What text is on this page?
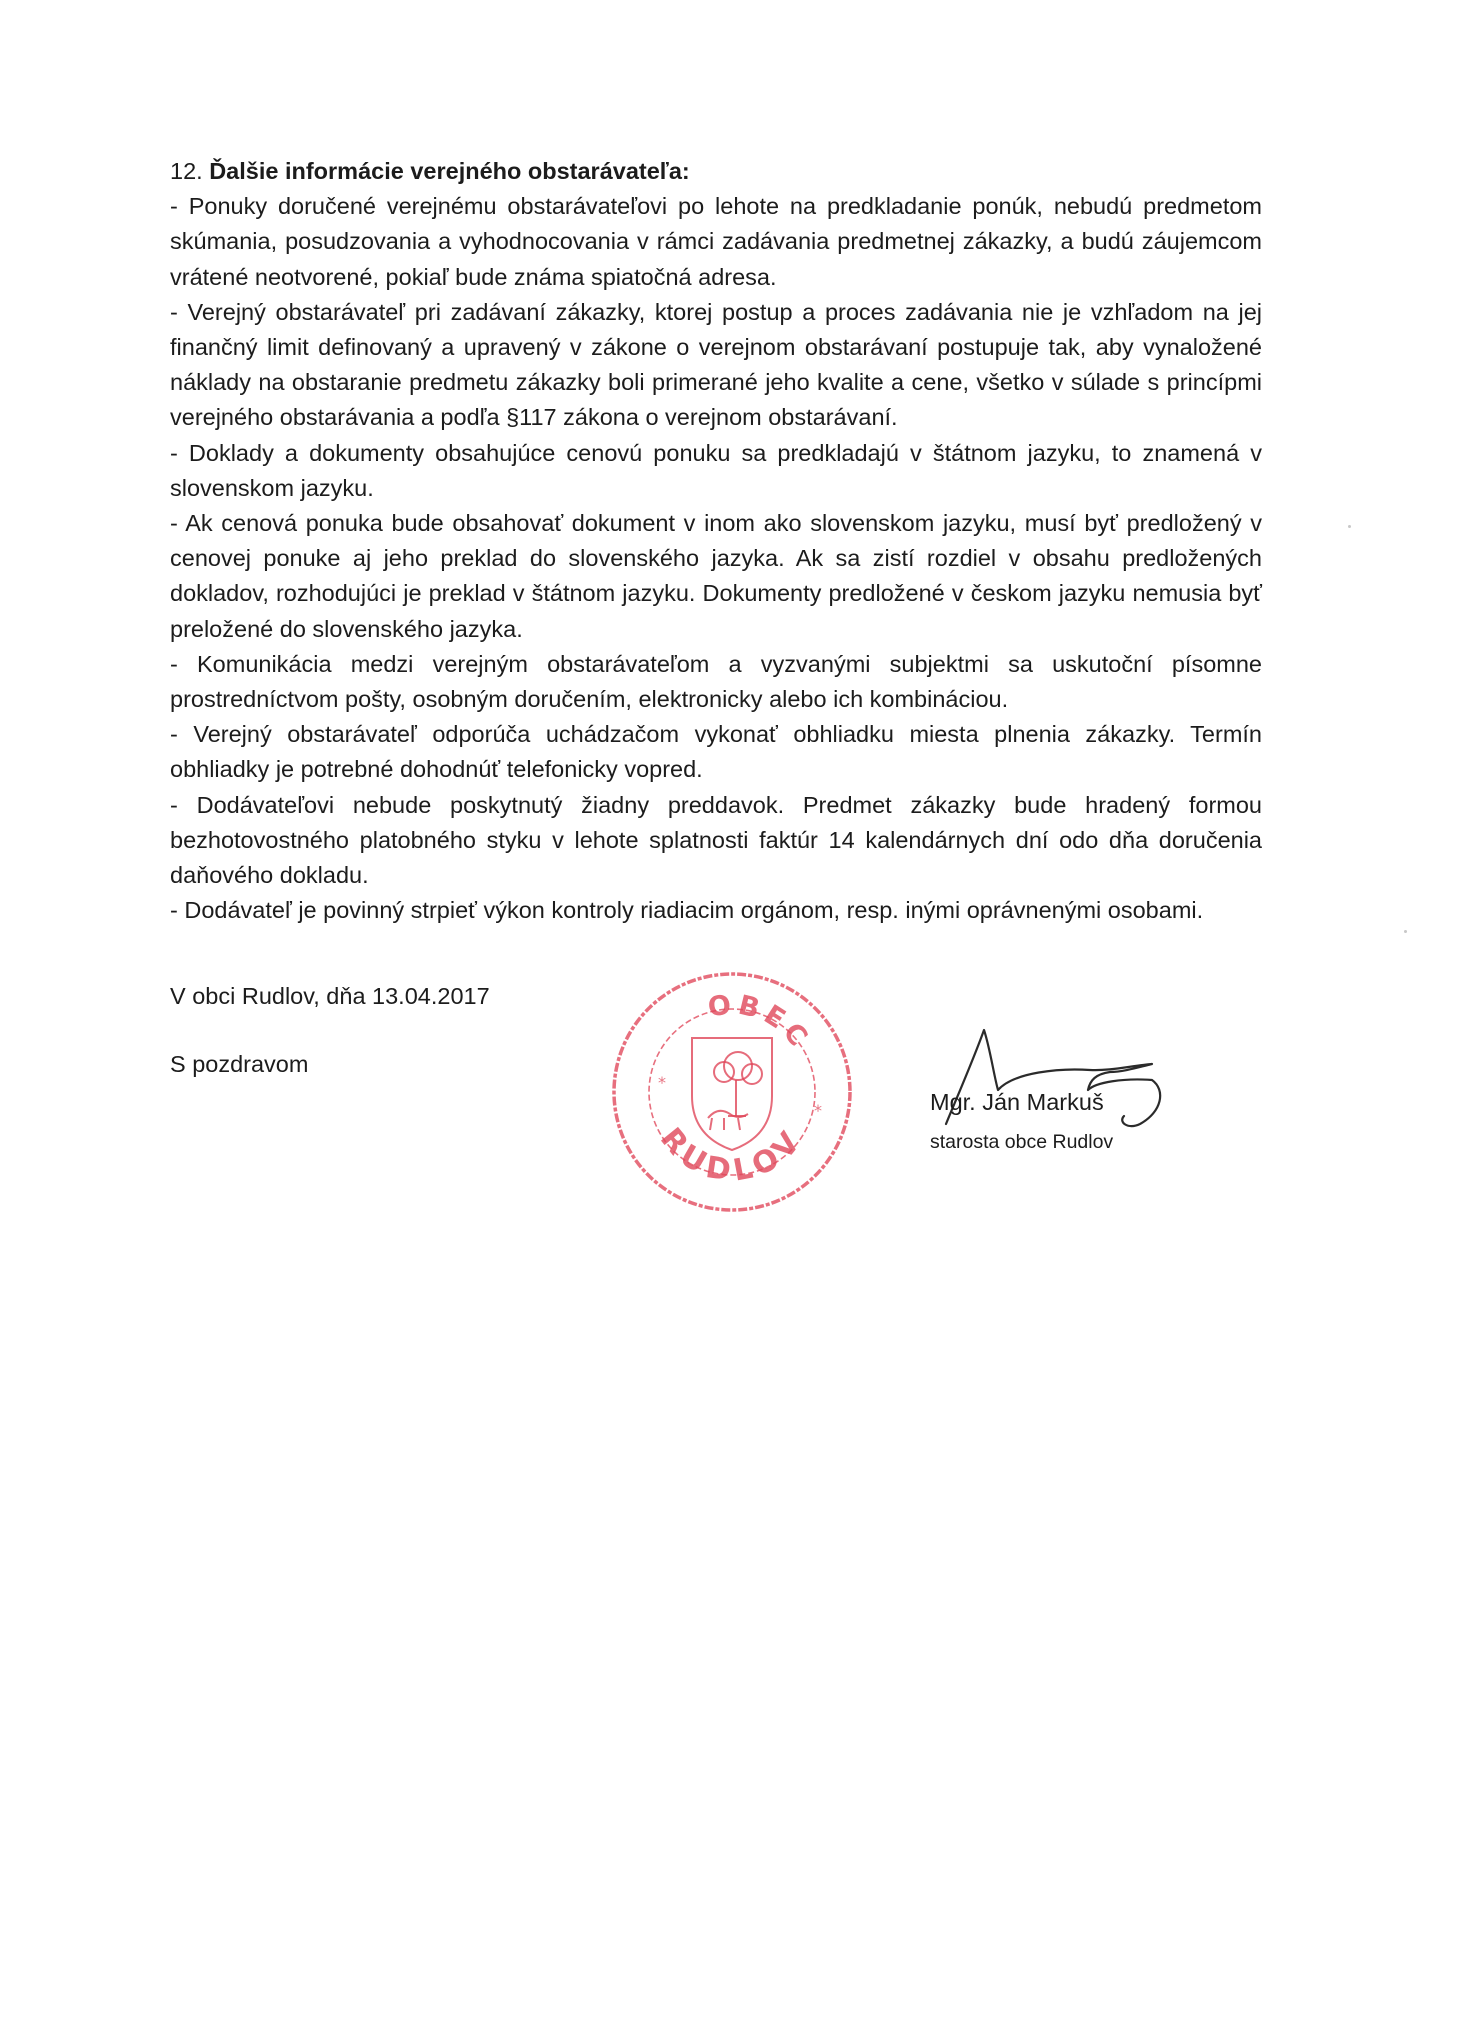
12. Ďalšie informácie verejného obstarávateľa:

- Ponuky doručené verejnému obstarávateľovi po lehote na predkladanie ponúk, nebudú predmetom skúmania, posudzovania a vyhodnocovania v rámci zadávania predmetnej zákazky, a budú záujemcom vrátené neotvorené, pokiaľ bude známa spiatočná adresa.

- Verejný obstarávateľ pri zadávaní zákazky, ktorej postup a proces zadávania nie je vzhľadom na jej finančný limit definovaný a upravený v zákone o verejnom obstarávaní postupuje tak, aby vynaložené náklady na obstaranie predmetu zákazky boli primerané jeho kvalite a cene, všetko v súlade s princípmi verejného obstarávania a podľa §117 zákona o verejnom obstarávaní.

- Doklady a dokumenty obsahujúce cenovú ponuku sa predkladajú v štátnom jazyku, to znamená v slovenskom jazyku.

- Ak cenová ponuka bude obsahovať dokument v inom ako slovenskom jazyku, musí byť predložený v cenovej ponuke aj jeho preklad do slovenského jazyka. Ak sa zistí rozdiel v obsahu predložených dokladov, rozhodujúci je preklad v štátnom jazyku. Dokumenty predložené v českom jazyku nemusia byť preložené do slovenského jazyka.

- Komunikácia medzi verejným obstarávateľom a vyzvanými subjektmi sa uskutoční písomne prostredníctvom pošty, osobným doručením, elektronicky alebo ich kombináciou.

- Verejný obstarávateľ odporúča uchádzačom vykonať obhliadku miesta plnenia zákazky. Termín obhliadky je potrebné dohodnúť telefonicky vopred.

- Dodávateľovi nebude poskytnutý žiadny preddavok. Predmet zákazky bude hradený formou bezhotovostného platobného styku v lehote splatnosti faktúr 14 kalendárnych dní odo dňa doručenia daňového dokladu.

- Dodávateľ je povinný strpieť výkon kontroly riadiacim orgánom, resp. inými oprávnenými osobami.

V obci Rudlov, dňa 13.04.2017
S pozdravom
OBEC
RUDLOV
*
*	Mgr. Ján Markuš
starosta obce Rudlov
